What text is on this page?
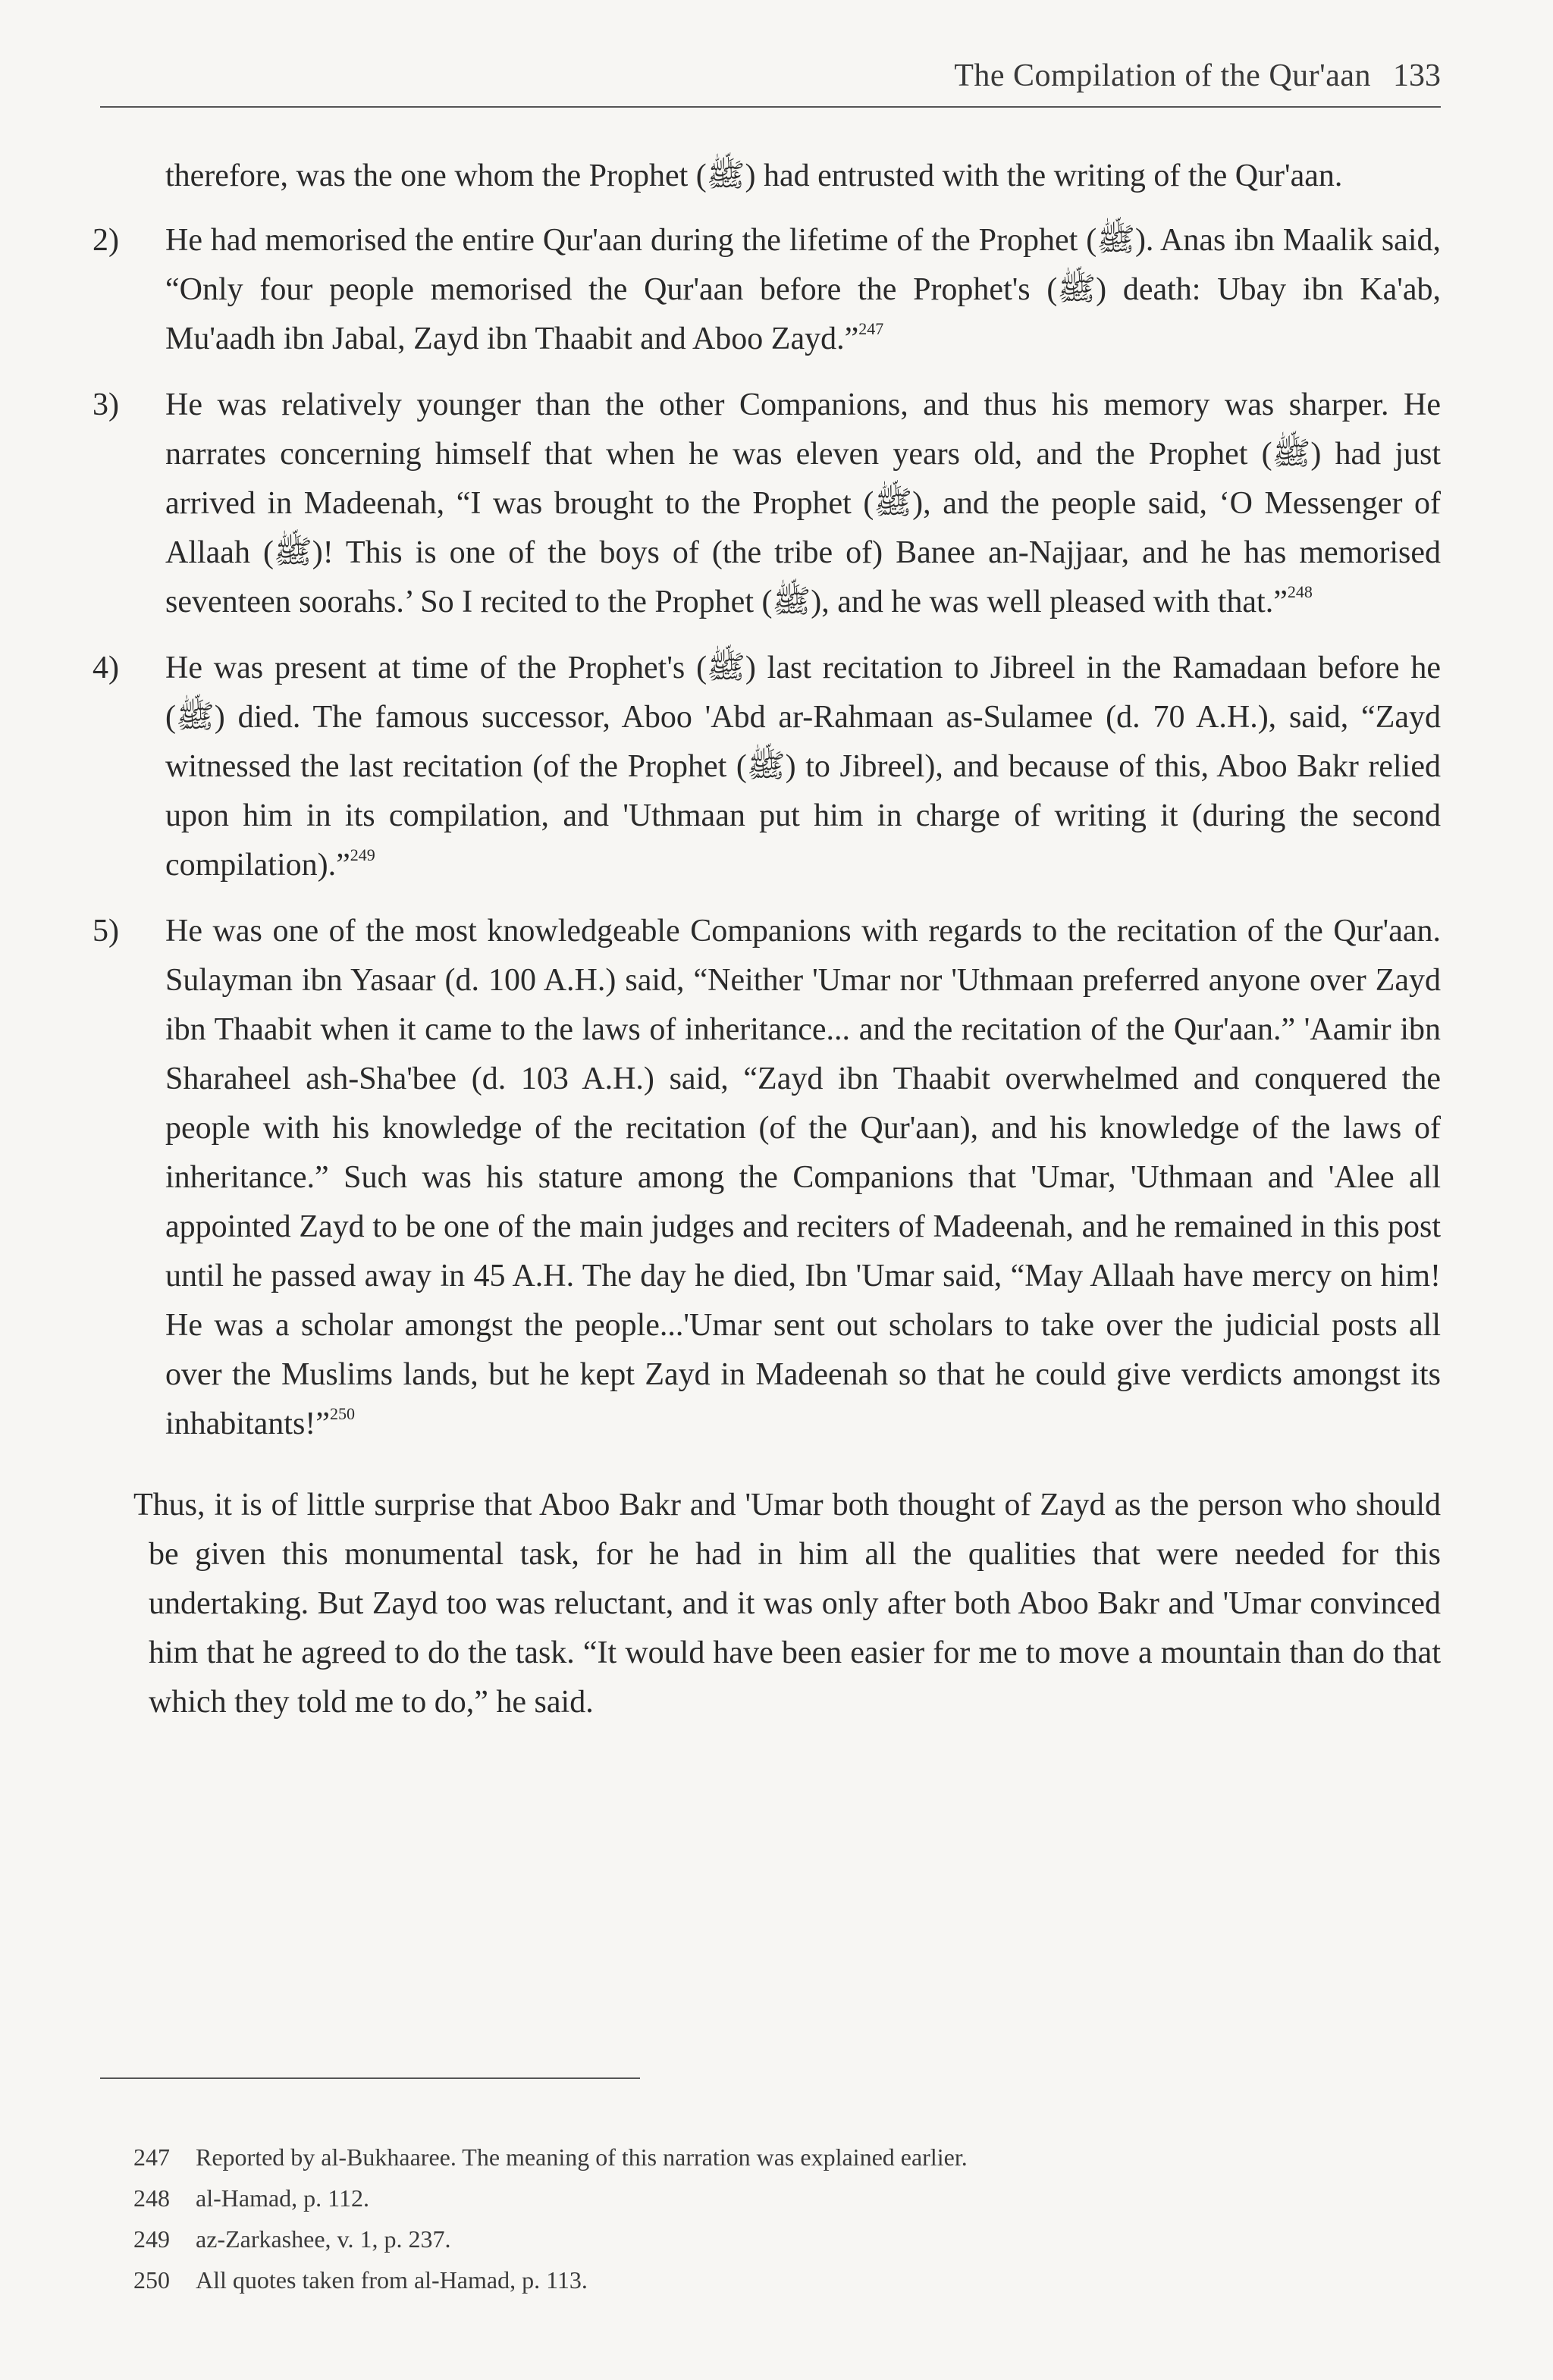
The Compilation of the Qur'aan 133

therefore, was the one whom the Prophet (ﷺ) had entrusted with the writing of the Qur'aan.

2) He had memorised the entire Qur'aan during the lifetime of the Prophet (ﷺ). Anas ibn Maalik said, “Only four people memorised the Qur'aan before the Prophet's (ﷺ) death: Ubay ibn Ka'ab, Mu'aadh ibn Jabal, Zayd ibn Thaabit and Aboo Zayd.”$^{247}$
3) He was relatively younger than the other Companions, and thus his memory was sharper. He narrates concerning himself that when he was eleven years old, and the Prophet (ﷺ) had just arrived in Madeenah, “I was brought to the Prophet (ﷺ), and the people said, ‘O Messenger of Allaah (ﷺ)! This is one of the boys of (the tribe of) Banee an-Najjaar, and he has memorised seventeen soorahs.’ So I recited to the Prophet (ﷺ), and he was well pleased with that.”$^{248}$
4) He was present at time of the Prophet's (ﷺ) last recitation to Jibreel in the Ramadaan before he (ﷺ) died. The famous successor, Aboo 'Abd ar-Rahmaan as-Sulamee (d. 70 A.H.), said, “Zayd witnessed the last recitation (of the Prophet (ﷺ) to Jibreel), and because of this, Aboo Bakr relied upon him in its compilation, and 'Uthmaan put him in charge of writing it (during the second compilation).”$^{249}$
5) He was one of the most knowledgeable Companions with regards to the recitation of the Qur'aan. Sulayman ibn Yasaar (d. 100 A.H.) said, “Neither 'Umar nor 'Uthmaan preferred anyone over Zayd ibn Thaabit when it came to the laws of inheritance... and the recitation of the Qur'aan.” 'Aamir ibn Sharaheel ash-Sha'bee (d. 103 A.H.) said, “Zayd ibn Thaabit overwhelmed and conquered the people with his knowledge of the recitation (of the Qur'aan), and his knowledge of the laws of inheritance.” Such was his stature among the Companions that 'Umar, 'Uthmaan and 'Alee all appointed Zayd to be one of the main judges and reciters of Madeenah, and he remained in this post until he passed away in 45 A.H. The day he died, Ibn 'Umar said, “May Allaah have mercy on him! He was a scholar amongst the people...'Umar sent out scholars to take over the judicial posts all over the Muslims lands, but he kept Zayd in Madeenah so that he could give verdicts amongst its inhabitants!”$^{250}$

Thus, it is of little surprise that Aboo Bakr and 'Umar both thought of Zayd as the person who should be given this monumental task, for he had in him all the qualities that were needed for this undertaking. But Zayd too was reluctant, and it was only after both Aboo Bakr and 'Umar convinced him that he agreed to do the task. “It would have been easier for me to move a mountain than do that which they told me to do,” he said.

247 Reported by al-Bukhaaree. The meaning of this narration was explained earlier.
248 al-Hamad, p. 112.
249 az-Zarkashee, v. 1, p. 237.
250 All quotes taken from al-Hamad, p. 113.
